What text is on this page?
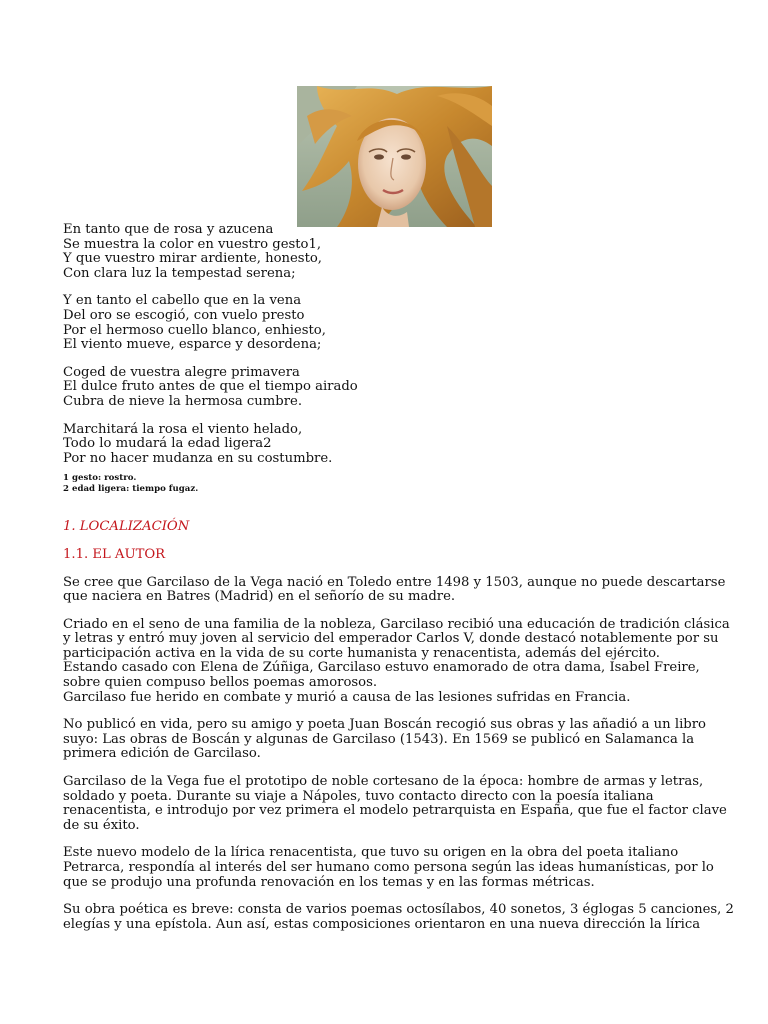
En tanto que de rosa y azucena
Se muestra la color en vuestro gesto1,
Y que vuestro mirar ardiente, honesto,
Con clara luz la tempestad serena;
Y en tanto el cabello que en la vena
Del oro se escogió, con vuelo presto
Por el hermoso cuello blanco, enhiesto,
El viento mueve, esparce y desordena;
Coged de vuestra alegre primavera
El dulce fruto antes de que el tiempo airado
Cubra de nieve la hermosa cumbre.
Marchitará la rosa el viento helado,
Todo lo mudará la edad ligera2
Por no hacer mudanza en su costumbre.
1 gesto: rostro.
2 edad ligera: tiempo fugaz.
1. LOCALIZACIÓN
1.1. EL AUTOR
Se cree que Garcilaso de la Vega nació en Toledo entre 1498 y 1503, aunque no puede descartarse
que naciera en Batres (Madrid) en el señorío de su madre.
Criado en el seno de una familia de la nobleza, Garcilaso recibió una educación de tradición clásica
y letras y entró muy joven al servicio del emperador Carlos V, donde destacó notablemente por su
participación activa en la vida de su corte humanista y renacentista, además del ejército.
Estando casado con Elena de Zúñiga, Garcilaso estuvo enamorado de otra dama, Isabel Freire,
sobre quien compuso bellos poemas amorosos.
Garcilaso fue herido en combate y murió a causa de las lesiones sufridas en Francia.
No publicó en vida, pero su amigo y poeta Juan Boscán recogió sus obras y las añadió a un libro
suyo: Las obras de Boscán y algunas de Garcilaso (1543). En 1569 se publicó en Salamanca la
primera edición de Garcilaso.
Garcilaso de la Vega fue el prototipo de noble cortesano de la época: hombre de armas y letras,
soldado y poeta. Durante su viaje a Nápoles, tuvo contacto directo con la poesía italiana
renacentista, e introdujo por vez primera el modelo petrarquista en España, que fue el factor clave
de su éxito.
Este nuevo modelo de la lírica renacentista, que tuvo su origen en la obra del poeta italiano
Petrarca, respondía al interés del ser humano como persona según las ideas humanísticas, por lo
que se produjo una profunda renovación en los temas y en las formas métricas.
Su obra poética es breve: consta de varios poemas octosílabos, 40 sonetos, 3 églogas 5 canciones, 2
elegías y una epístola. Aun así, estas composiciones orientaron en una nueva dirección la lírica
